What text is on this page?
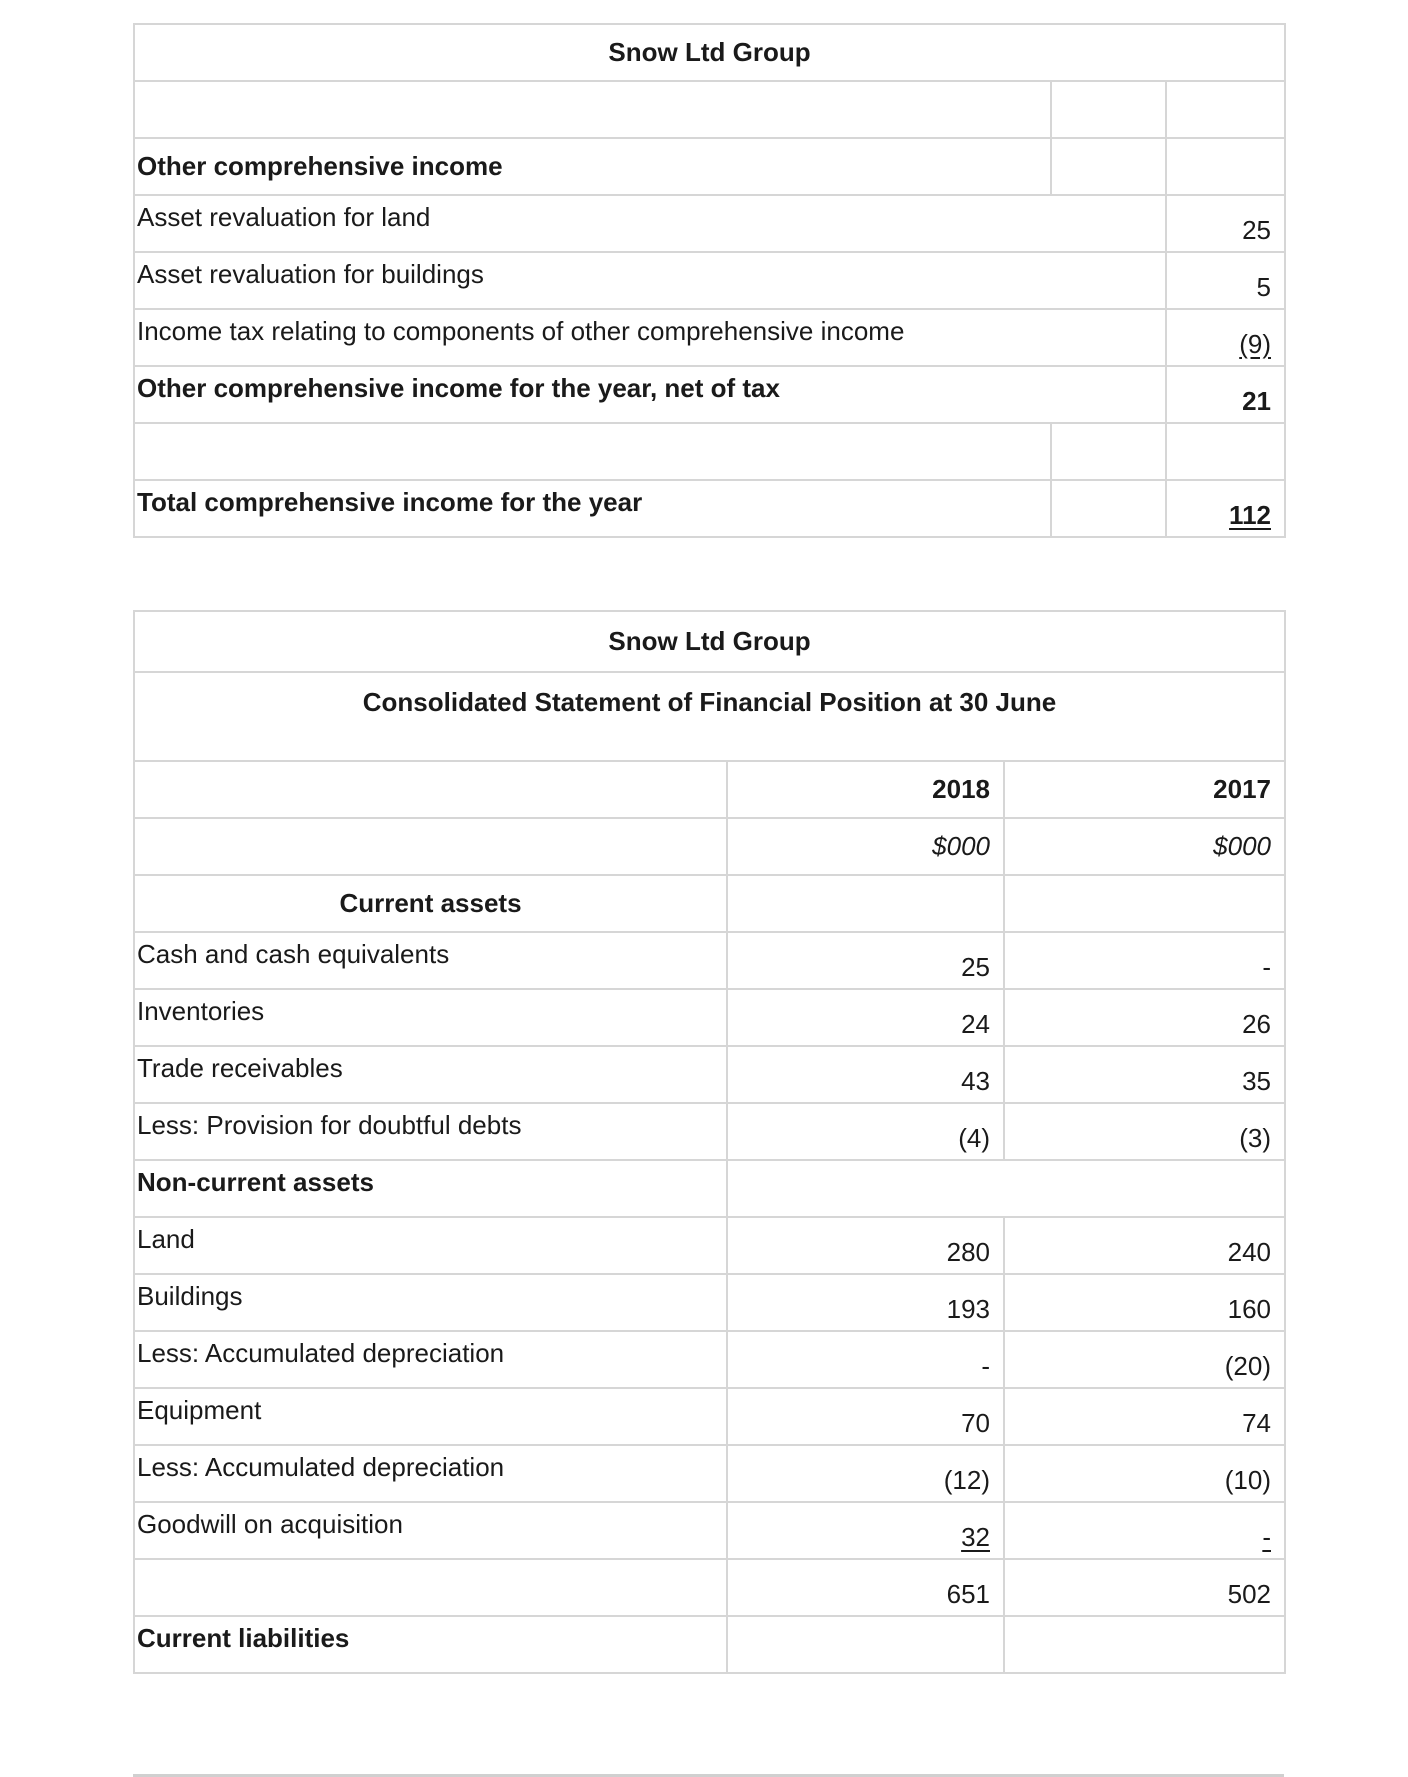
Snow Ltd Group		

Other comprehensive income		
Asset revaluation for land		25
Asset revaluation for buildings		5
Income tax relating to components of other comprehensive income		(9)
Other comprehensive income for the year, net of tax		21

Total comprehensive income for the year		112
Snow Ltd Group		
Consolidated Statement of Financial Position at 30 June		
	2018	2017
	$000	$000
Current assets		
Cash and cash equivalents	25	-
Inventories	24	26
Trade receivables	43	35
Less: Provision for doubtful debts	(4)	(3)
Non-current assets		
Land	280	240
Buildings	193	160
Less: Accumulated depreciation	-	(20)
Equipment	70	74
Less: Accumulated depreciation	(12)	(10)
Goodwill on acquisition	32	-
	651	502
Current liabilities		
